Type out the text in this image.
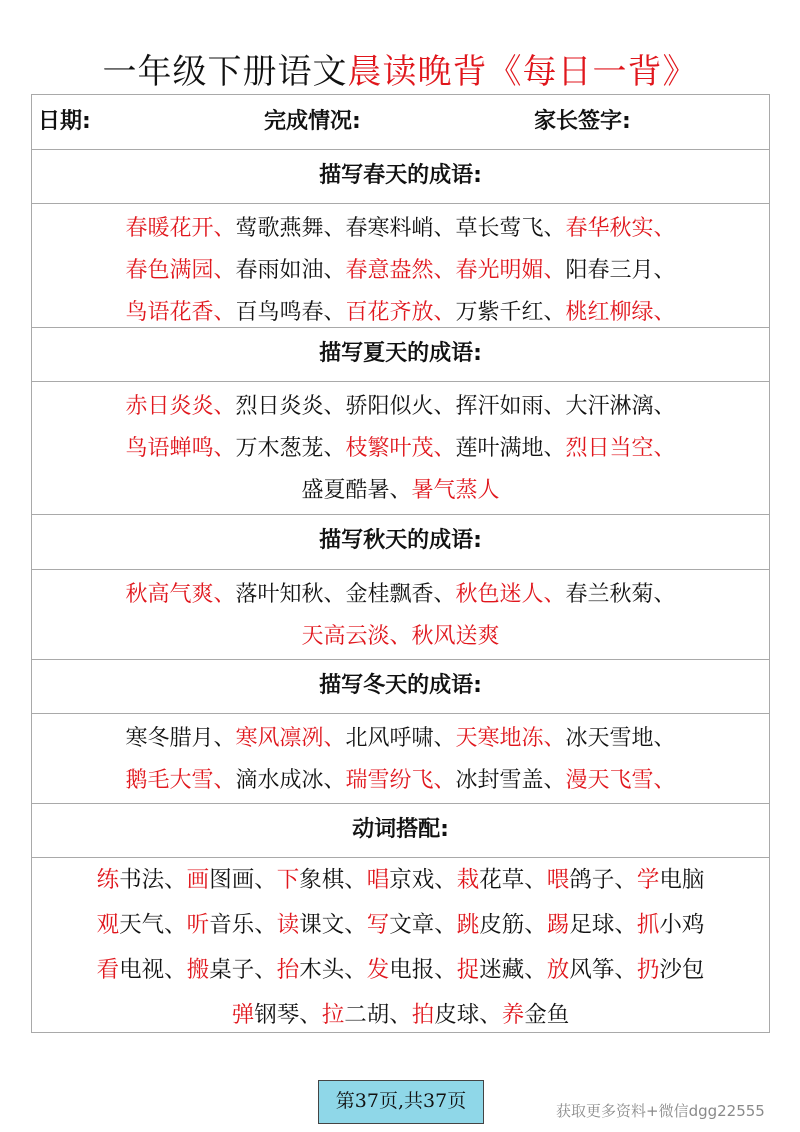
一年级下册语文晨读晚背《每日一背》
日期:	完成情况:	家长签字:
描写春天的成语:
春暖花开、莺歌燕舞、春寒料峭、草长莺飞、春华秋实、
春色满园、春雨如油、春意盎然、春光明媚、阳春三月、
鸟语花香、百鸟鸣春、百花齐放、万紫千红、桃红柳绿、
描写夏天的成语:
赤日炎炎、烈日炎炎、骄阳似火、挥汗如雨、大汗淋漓、
鸟语蝉鸣、万木葱茏、枝繁叶茂、莲叶满地、烈日当空、
盛夏酷暑、暑气蒸人
描写秋天的成语:
秋高气爽、落叶知秋、金桂飘香、秋色迷人、春兰秋菊、
天高云淡、秋风送爽
描写冬天的成语:
寒冬腊月、寒风凛冽、北风呼啸、天寒地冻、冰天雪地、
鹅毛大雪、滴水成冰、瑞雪纷飞、冰封雪盖、漫天飞雪、
动词搭配:
练书法、画图画、下象棋、唱京戏、栽花草、喂鸽子、学电脑
观天气、听音乐、读课文、写文章、跳皮筋、踢足球、抓小鸡
看电视、搬桌子、抬木头、发电报、捉迷藏、放风筝、扔沙包
弹钢琴、拉二胡、拍皮球、养金鱼
第37页,共37页	获取更多资料+微信dgg22555
